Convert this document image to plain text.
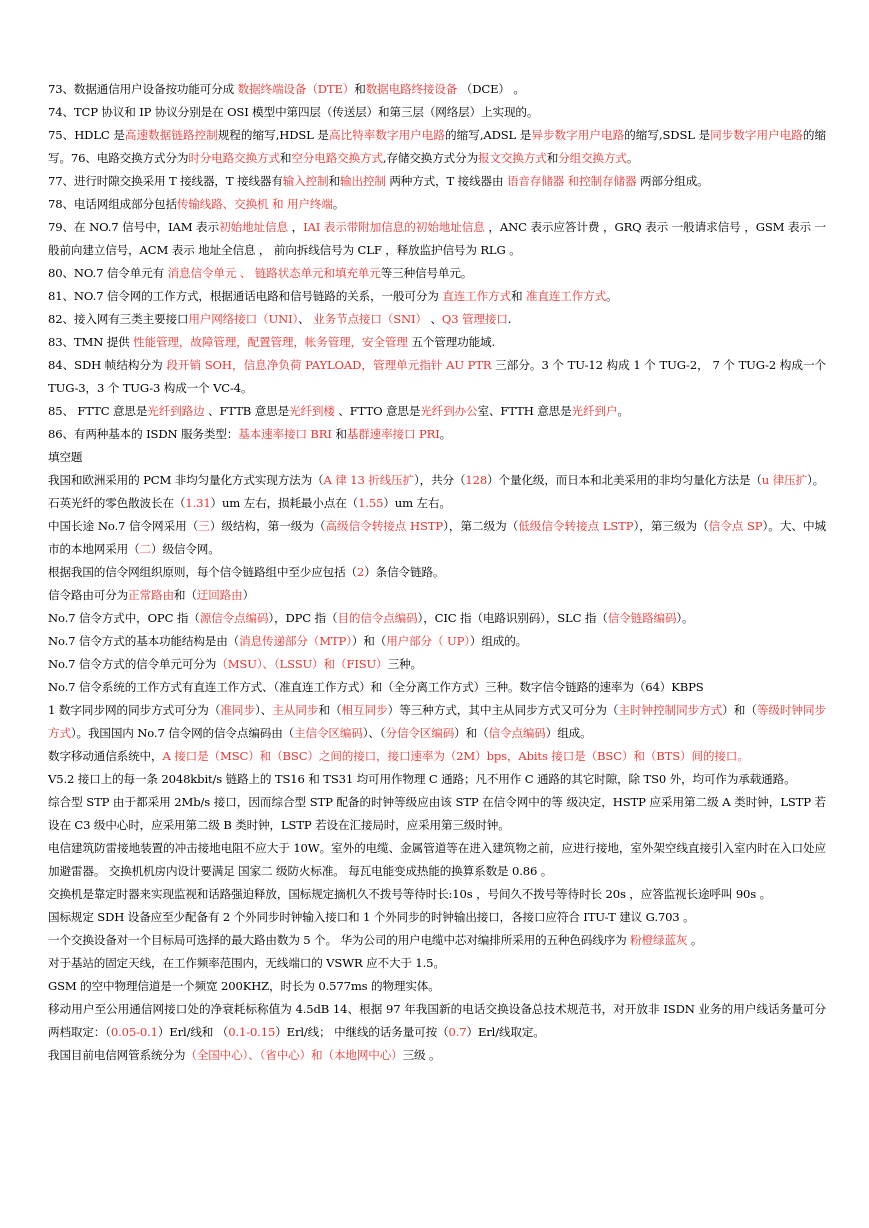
73、数据通信用户设备按功能可分成 数据终端设备（DTE）和数据电路终接设备 （DCE） 。

74、TCP 协议和 IP 协议分别是在 OSI 模型中第四层（传送层）和第三层（网络层）上实现的。

75、HDLC 是高速数据链路控制规程的缩写,HDSL 是高比特率数字用户电路的缩写,ADSL 是异步数字用户电路的缩写,SDSL 是同步数字用户电路的缩写。76、电路交换方式分为时分电路交换方式和空分电路交换方式,存储交换方式分为报文交换方式和分组交换方式。

77、进行时隙交换采用 T 接线器，T 接线器有输入控制和输出控制 两种方式，T 接线器由 语音存储器 和控制存储器 两部分组成。

78、电话网组成部分包括传输线路、交换机 和 用户终端。

79、在 NO.7 信号中，IAM 表示初始地址信息 ，IAI 表示带附加信息的初始地址信息 ，ANC 表示应答计费 ，GRQ 表示 一般请求信号 ，GSM 表示 一般前向建立信号，ACM 表示 地址全信息 ， 前向拆线信号为 CLF ，释放监护信号为 RLG 。

80、NO.7 信令单元有 消息信令单元 、 链路状态单元和填充单元等三种信号单元。

81、NO.7 信令网的工作方式，根据通话电路和信号链路的关系，一般可分为 直连工作方式和 准直连工作方式。

82、接入网有三类主要接口用户网络接口（UNI）、 业务节点接口（SNI） 、Q3 管理接口.

83、TMN 提供 性能管理，故障管理，配置管理，帐务管理，安全管理 五个管理功能域.

84、SDH 帧结构分为 段开销 SOH，信息净负荷 PAYLOAD，管理单元指针 AU PTR 三部分。3 个 TU-12 构成 1 个 TUG-2， 7 个 TUG-2 构成一个 TUG-3，3 个 TUG-3 构成一个 VC-4。

85、 FTTC 意思是光纤到路边 、FTTB 意思是光纤到楼 、FTTO 意思是光纤到办公室、FTTH 意思是光纤到户。

86、有两种基本的 ISDN 服务类型：基本速率接口 BRI 和基群速率接口 PRI。

填空题

我国和欧洲采用的 PCM 非均匀量化方式实现方法为（A 律 13 折线压扩），共分（128）个量化级，而日本和北美采用的非均匀量化方法是（u 律压扩）。

石英光纤的零色散波长在（1.31）um 左右，损耗最小点在（1.55）um 左右。

中国长途 No.7 信令网采用（三）级结构，第一级为（高级信令转接点 HSTP），第二级为（低级信令转接点 LSTP），第三级为（信令点 SP）。大、中城市的本地网采用（二）级信令网。

根据我国的信令网组织原则，每个信令链路组中至少应包括（2）条信令链路。

信令路由可分为正常路由和（迂回路由）

No.7 信令方式中，OPC 指（源信令点编码），DPC 指（目的信令点编码），CIC 指（电路识别码），SLC 指（信令链路编码）。

No.7 信令方式的基本功能结构是由（消息传递部分（MTP））和（用户部分（ UP））组成的。

No.7 信令方式的信令单元可分为（MSU）、（LSSU）和（FISU）三种。

No.7 信令系统的工作方式有直连工作方式、（准直连工作方式）和（全分离工作方式）三种。数字信令链路的速率为（64）KBPS

1 数字同步网的同步方式可分为（准同步）、主从同步和（相互同步）等三种方式，其中主从同步方式又可分为（主时钟控制同步方式）和（等级时钟同步方式）。我国国内 No.7 信令网的信令点编码由（主信令区编码）、（分信令区编码）和（信令点编码）组成。

数字移动通信系统中，A 接口是（MSC）和（BSC）之间的接口，接口速率为（2M）bps，Abits 接口是（BSC）和（BTS）间的接口。

V5.2 接口上的每一条 2048kbit/s 链路上的 TS16 和 TS31 均可用作物理 C 通路；凡不用作 C 通路的其它时隙，除 TS0 外，均可作为承载通路。

综合型 STP 由于都采用 2Mb/s 接口，因而综合型 STP 配备的时钟等级应由该 STP 在信令网中的等 级决定，HSTP 应采用第二级 A 类时钟，LSTP 若设在 C3 级中心时，应采用第二级 B 类时钟，LSTP 若设在汇接局时，应采用第三级时钟。

电信建筑防雷接地装置的冲击接地电阻不应大于 10W。室外的电缆、金属管道等在进入建筑物之前，应进行接地，室外架空线直接引入室内时在入口处应加避雷器。 交换机机房内设计要满足 国家二 级防火标准。 每瓦电能变成热能的换算系数是 0.86 。

交换机是靠定时器来实现监视和话路强迫释放，国标规定摘机久不拨号等待时长:10s ，号间久不拨号等待时长 20s ，应答监视长途呼叫 90s 。

国标规定 SDH 设备应至少配备有 2 个外同步时钟输入接口和 1 个外同步的时钟输出接口，各接口应符合 ITU-T 建议 G.703 。

一个交换设备对一个目标局可选择的最大路由数为 5 个。 华为公司的用户电缆中芯对编排所采用的五种色码线序为 粉橙绿蓝灰 。

对于基站的固定天线，在工作频率范围内，无线端口的 VSWR 应不大于 1.5。

GSM 的空中物理信道是一个频宽 200KHZ，时长为 0.577ms 的物理实体。

移动用户至公用通信网接口处的净衰耗标称值为 4.5dB 14、根据 97 年我国新的电话交换设备总技术规范书，对开放非 ISDN 业务的用户线话务量可分两档取定：（0.05-0.1）Erl/线和 （0.1-0.15）Erl/线； 中继线的话务量可按（0.7）Erl/线取定。

我国目前电信网管系统分为（全国中心）、（省中心）和（本地网中心）三级 。
